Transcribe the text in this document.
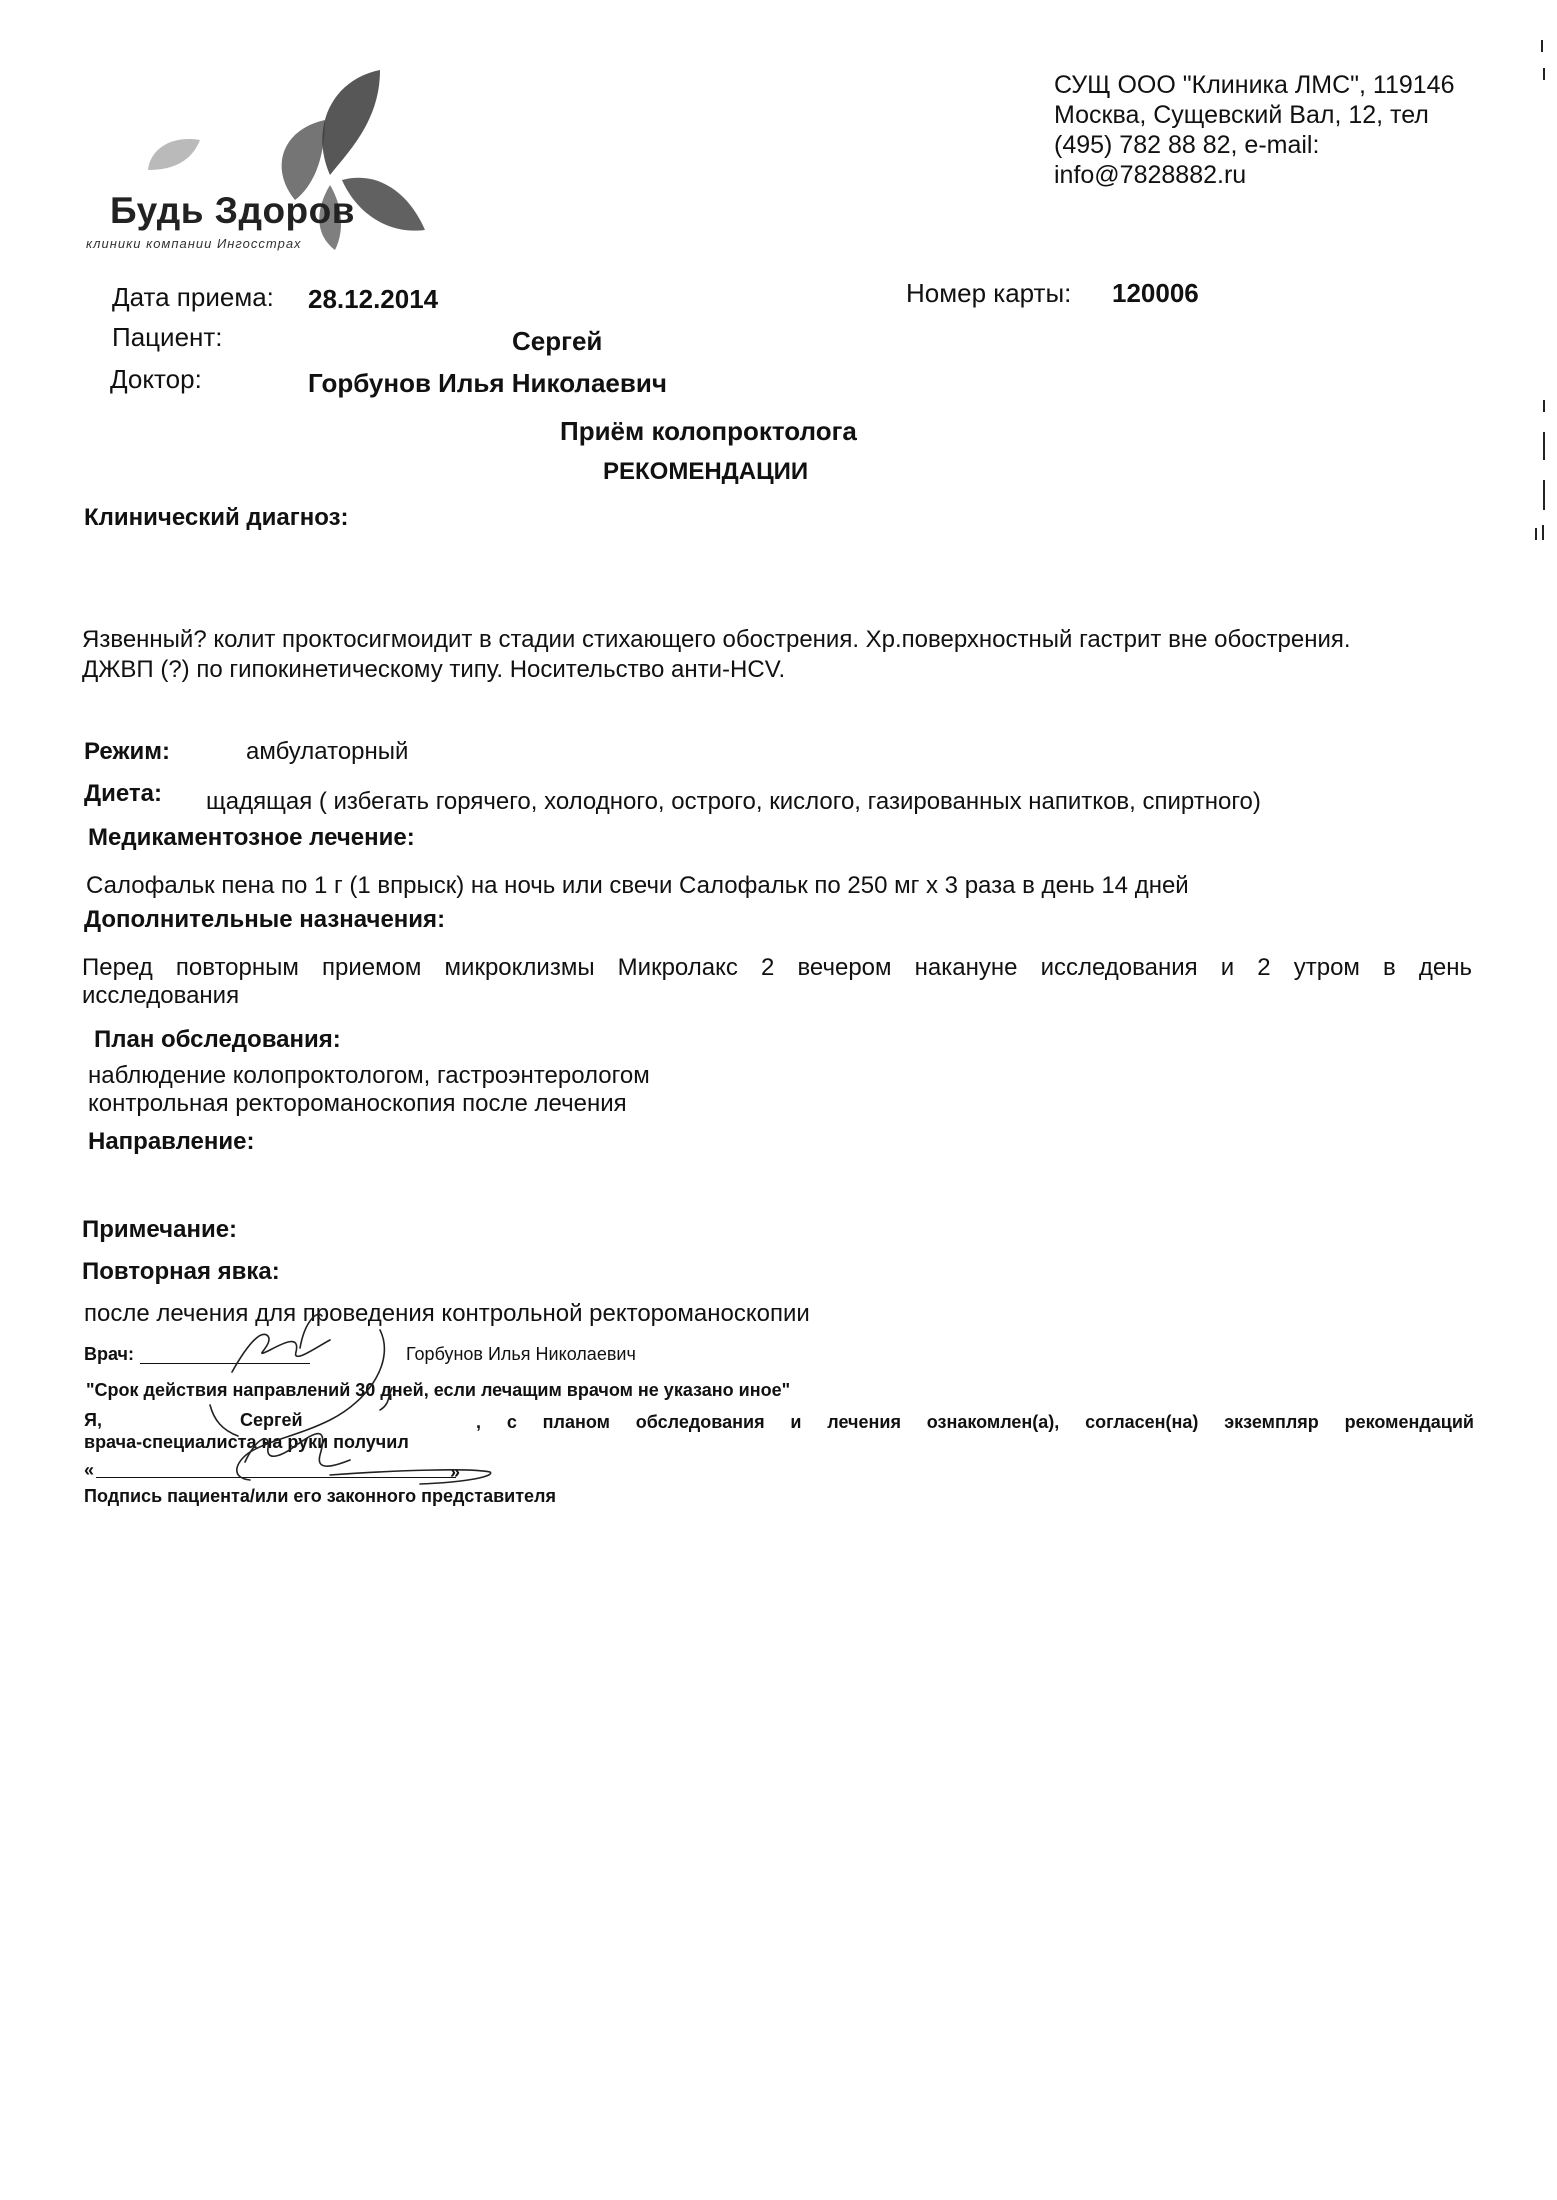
Будь Здоров
клиники компании Ингосстрах
СУЩ ООО "Клиника ЛМС", 119146
Москва, Сущевский Вал, 12, тел
(495) 782 88 82, e-mail:
info@7828882.ru
Дата приема: 28.12.2014	Номер карты: 120006
Пациент:	Сергей
Доктор:	Горбунов Илья Николаевич
Приём колопроктолога
РЕКОМЕНДАЦИИ
Клинический диагноз:
Язвенный? колит проктосигмоидит в стадии стихающего обострения. Хр.поверхностный гастрит вне обострения.
ДЖВП (?) по гипокинетическому типу. Носительство анти-HCV.
Режим:	амбулаторный
Диета: щадящая ( избегать горячего, холодного, острого, кислого, газированных напитков, спиртного)
Медикаментозное лечение:
Салофальк пена по 1 г (1 впрыск) на ночь или свечи Салофальк по 250 мг х 3 раза в день 14 дней
Дополнительные назначения:
Перед повторным приемом микроклизмы Микролакс 2 вечером накануне исследования и 2 утром в день
исследования
План обследования:
наблюдение колопроктологом, гастроэнтерологом
контрольная ректороманоскопия после лечения
Направление:
Примечание:
Повторная явка:
после лечения для проведения контрольной ректороманоскопии
Врач:	Горбунов Илья Николаевич
"Срок действия направлений 30 дней, если лечащим врачом не указано иное"
Я,	Сергей	, с планом обследования и лечения ознакомлен(а), согласен(на) экземпляр рекомендаций
врача-специалиста на руки получил
«	»
Подпись пациента/или его законного представителя
